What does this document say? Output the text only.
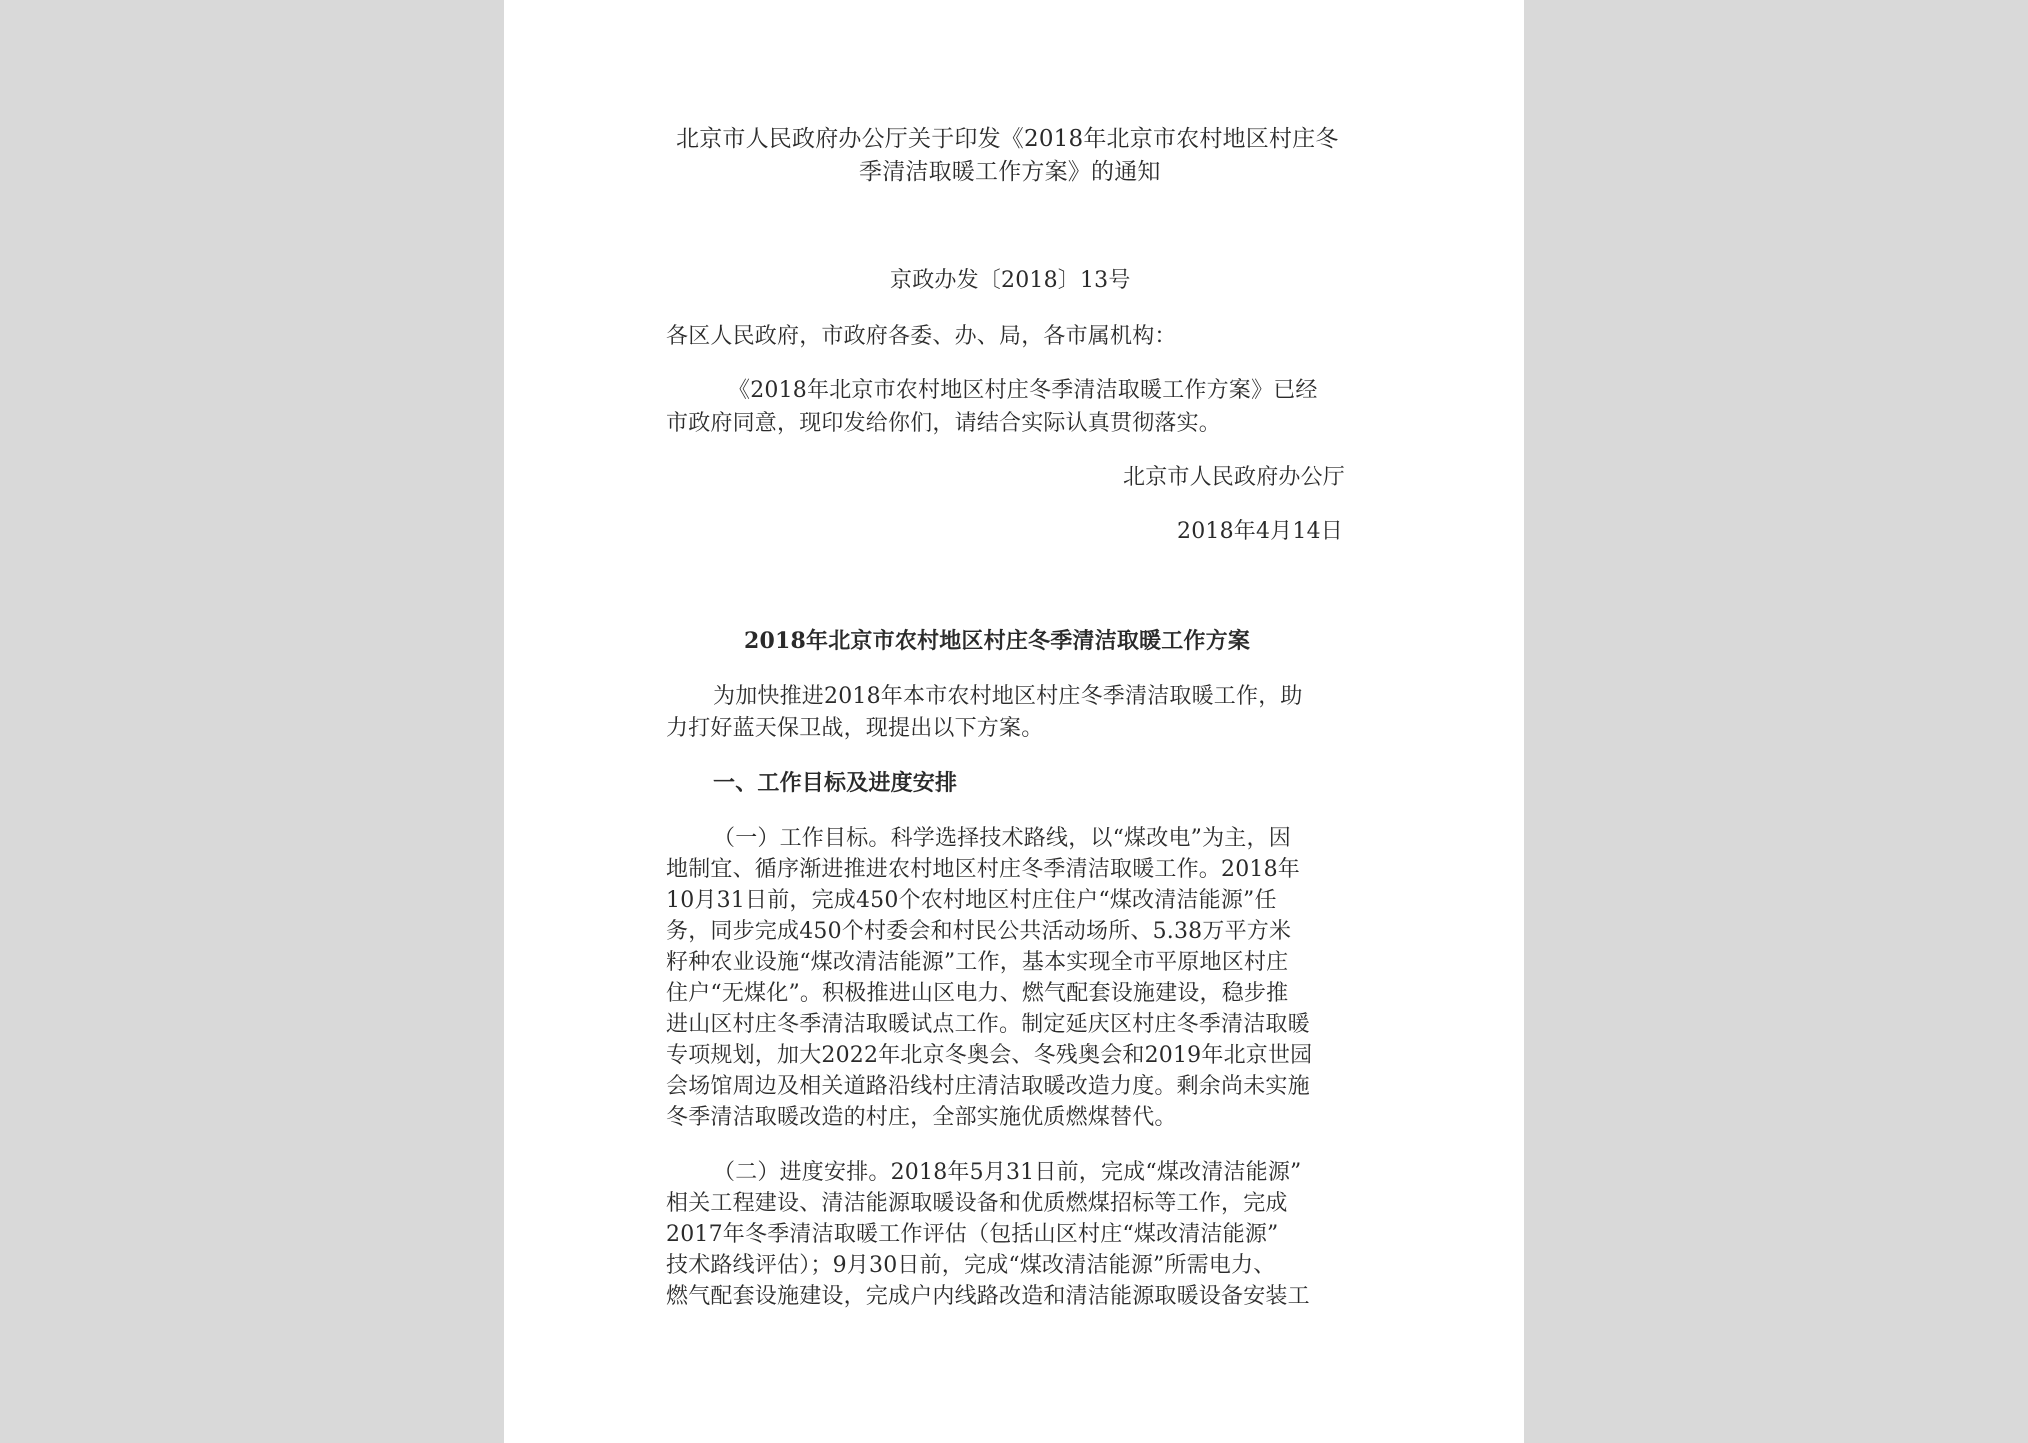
北京市人民政府办公厅关于印发《2018年北京市农村地区村庄冬
季清洁取暖工作方案》的通知
京政办发〔2018〕13号
各区人民政府，市政府各委、办、局，各市属机构：
《2018年北京市农村地区村庄冬季清洁取暖工作方案》已经
市政府同意，现印发给你们，请结合实际认真贯彻落实。
北京市人民政府办公厅
2018年4月14日
2018年北京市农村地区村庄冬季清洁取暖工作方案
为加快推进2018年本市农村地区村庄冬季清洁取暖工作，助
力打好蓝天保卫战，现提出以下方案。
一、工作目标及进度安排
（一）工作目标。科学选择技术路线，以“煤改电”为主，因
地制宜、循序渐进推进农村地区村庄冬季清洁取暖工作。2018年
10月31日前，完成450个农村地区村庄住户“煤改清洁能源”任
务，同步完成450个村委会和村民公共活动场所、5.38万平方米
籽种农业设施“煤改清洁能源”工作，基本实现全市平原地区村庄
住户“无煤化”。积极推进山区电力、燃气配套设施建设，稳步推
进山区村庄冬季清洁取暖试点工作。制定延庆区村庄冬季清洁取暖
专项规划，加大2022年北京冬奥会、冬残奥会和2019年北京世园
会场馆周边及相关道路沿线村庄清洁取暖改造力度。剩余尚未实施
冬季清洁取暖改造的村庄，全部实施优质燃煤替代。
（二）进度安排。2018年5月31日前，完成“煤改清洁能源”
相关工程建设、清洁能源取暖设备和优质燃煤招标等工作，完成
2017年冬季清洁取暖工作评估（包括山区村庄“煤改清洁能源”
技术路线评估）；9月30日前，完成“煤改清洁能源”所需电力、
燃气配套设施建设，完成户内线路改造和清洁能源取暖设备安装工
